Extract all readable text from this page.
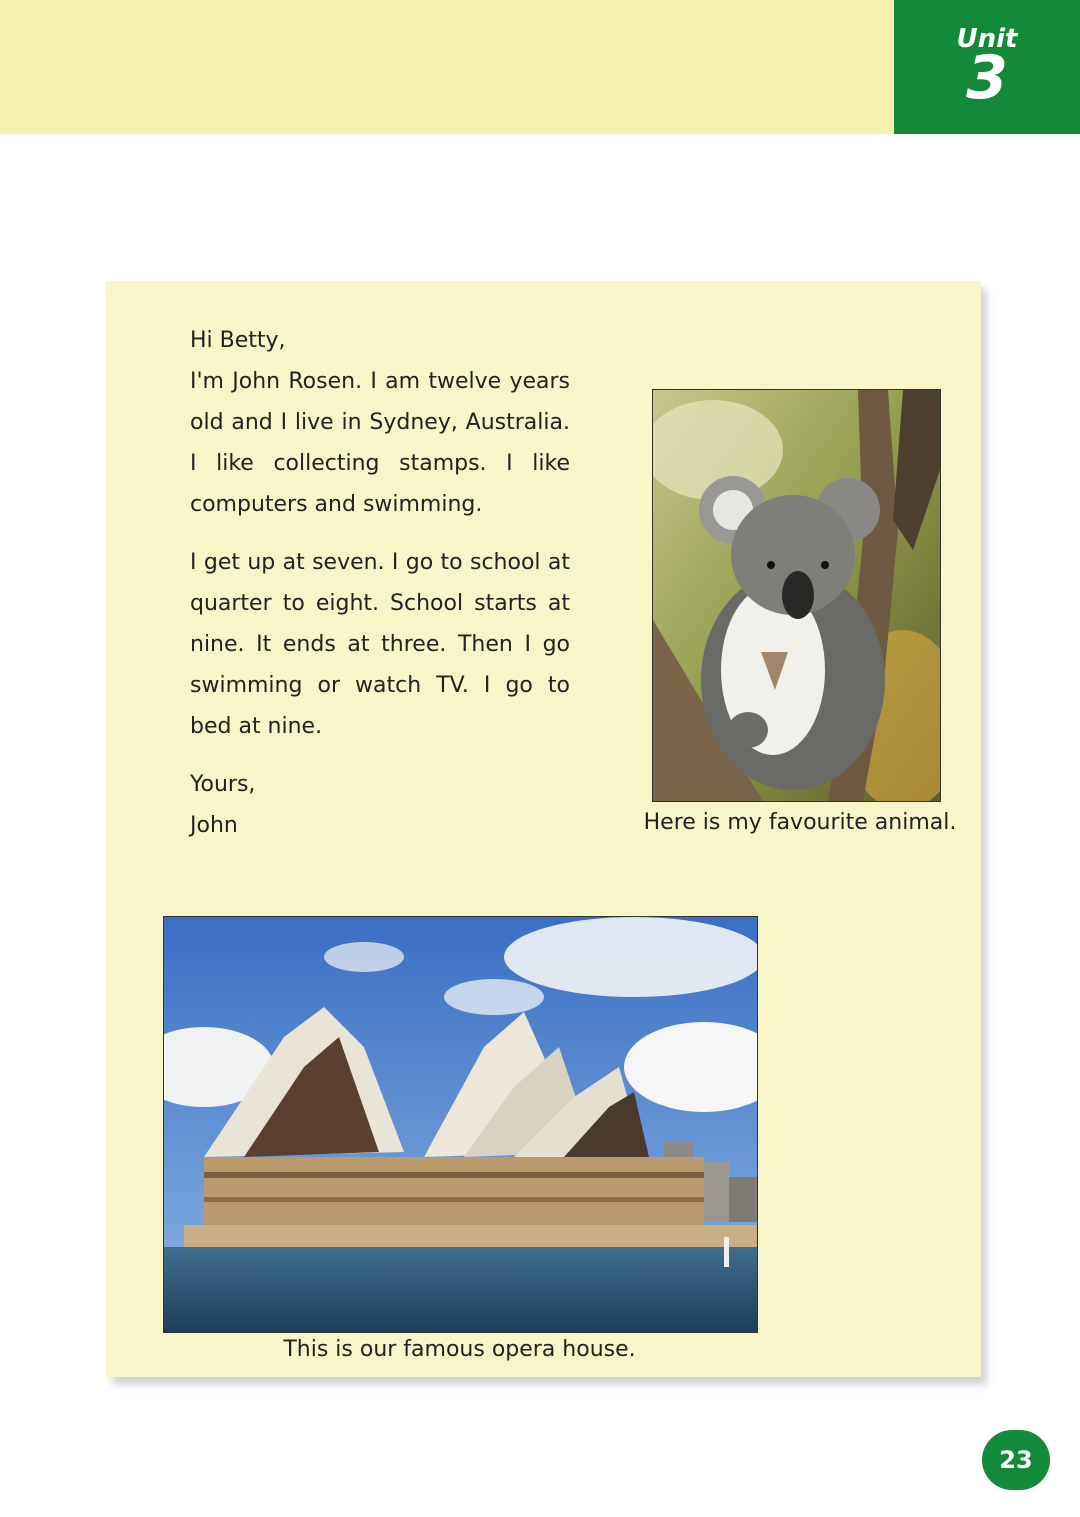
Unit
3

Hi Betty,

I'm John Rosen. I am twelve years old and I live in Sydney, Australia. I like collecting stamps. I like computers and swimming.

I get up at seven. I go to school at quarter to eight. School starts at nine. It ends at three. Then I go swimming or watch TV. I go to bed at nine.

Yours,

John	Here is my favourite animal.
This is our famous opera house.
23
